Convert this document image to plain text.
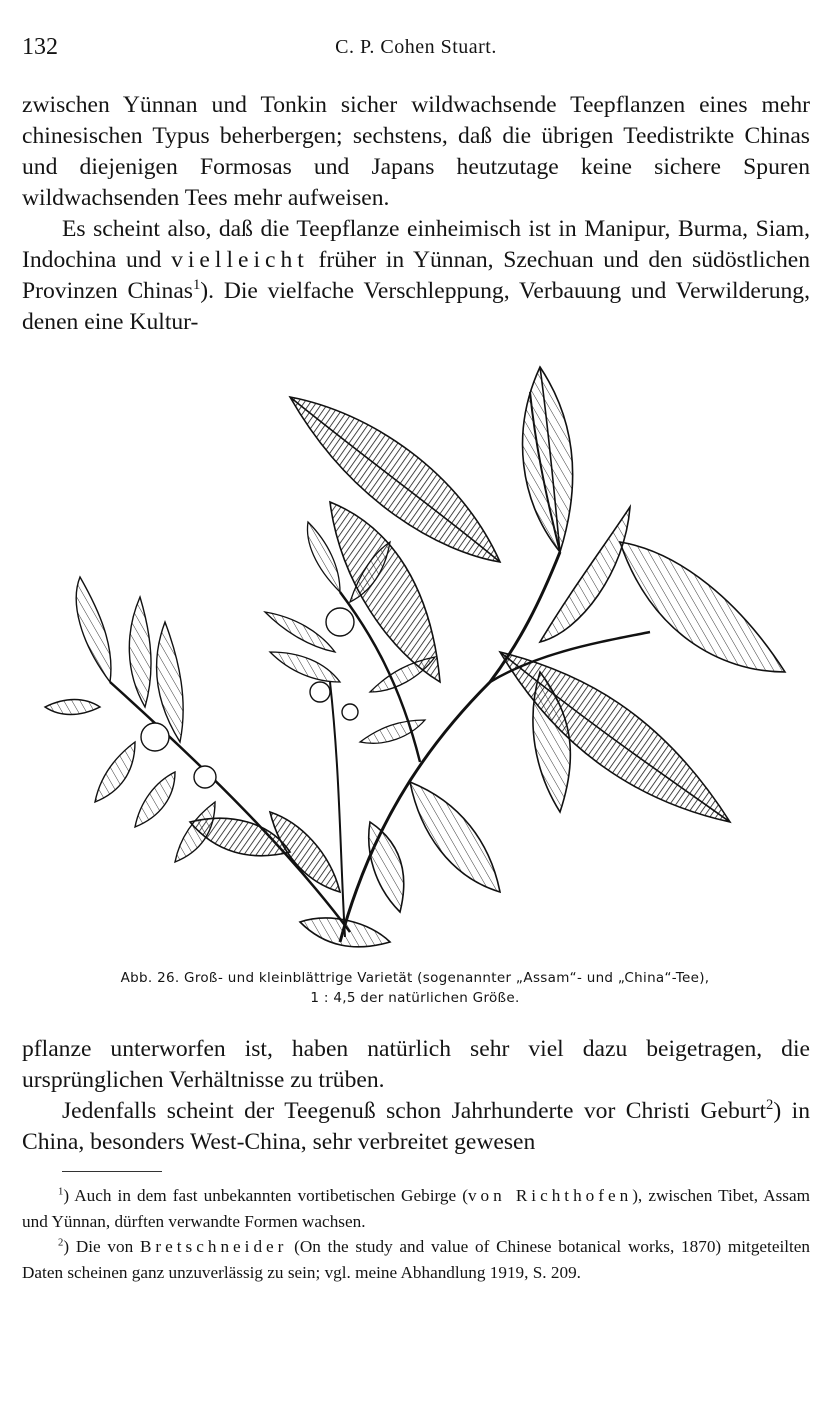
132	C. P. Cohen Stuart.

zwischen Yünnan und Tonkin sicher wildwachsende Teepflanzen eines mehr chinesischen Typus beherbergen; sechstens, daß die übrigen Teedistrikte Chinas und diejenigen Formosas und Japans heutzutage keine sichere Spuren wildwachsenden Tees mehr aufweisen.

Es scheint also, daß die Teepflanze einheimisch ist in Manipur, Burma, Siam, Indochina und vielleicht früher in Yünnan, Szechuan und den südöstlichen Provinzen Chinas$^1$). Die vielfache Verschleppung, Verbauung und Verwilderung, denen eine Kultur-

Abb. 26. Groß- und kleinblättrige Varietät (sogenannter „Assam“- und „China“-Tee),
1 : 4,5 der natürlichen Größe.

pflanze unterworfen ist, haben natürlich sehr viel dazu beigetragen, die ursprünglichen Verhältnisse zu trüben.

Jedenfalls scheint der Teegenuß schon Jahrhunderte vor Christi Geburt$^2$) in China, besonders West-China, sehr verbreitet gewesen

$^1$) Auch in dem fast unbekannten vortibetischen Gebirge (von Richthofen), zwischen Tibet, Assam und Yünnan, dürften verwandte Formen wachsen.

$^2$) Die von Bretschneider (On the study and value of Chinese botanical works, 1870) mitgeteilten Daten scheinen ganz unzuverlässig zu sein; vgl. meine Abhandlung 1919, S. 209.
